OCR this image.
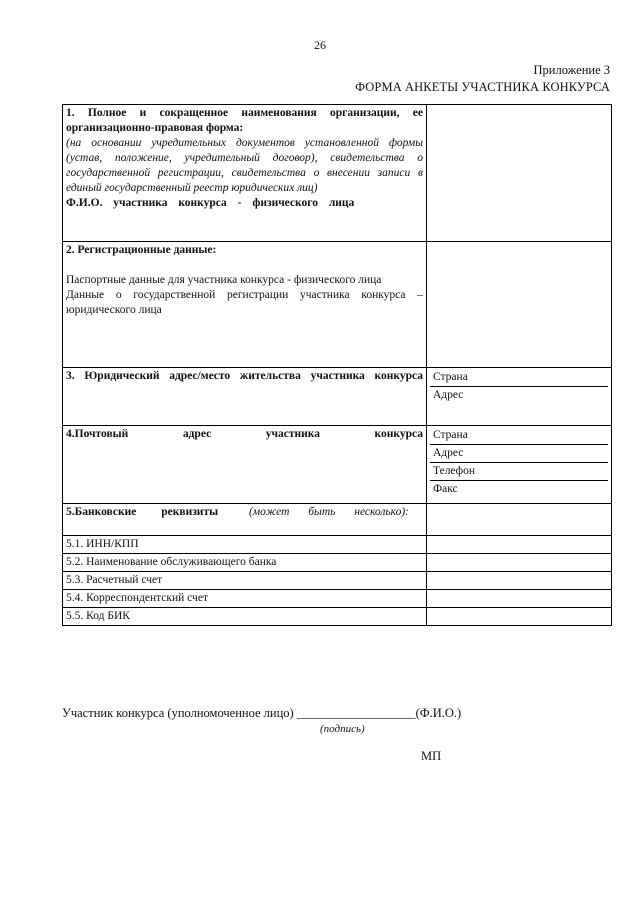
26
Приложение 3
ФОРМА АНКЕТЫ УЧАСТНИКА КОНКУРСА
1. Полное и сокращенное наименования организации, ее организационно-правовая форма:
(на основании учредительных документов установленной формы (устав, положение, учредительный договор), свидетельства о государственной регистрации, свидетельства о внесении записи в единый государственный реестр юридических лиц)
Ф.И.О. участника конкурса - физического лица	

2. Регистрационные данные:
Паспортные данные для участника конкурса - физического лица
Данные о государственной регистрации участника конкурса – юридического лица	

3. Юридический адрес/место жительства участника конкурса	Страна
Адрес

4.Почтовый адрес участника конкурса	Страна
Адрес
Телефон
Факс

5.Банковские реквизиты (может быть несколько):	

5.1. ИНН/КПП	
5.2. Наименование обслуживающего банка	
5.3. Расчетный счет	
5.4. Корреспондентский счет	
5.5. Код БИК	
Участник конкурса (уполномоченное лицо) ___________________(Ф.И.О.)
(подпись)
МП
